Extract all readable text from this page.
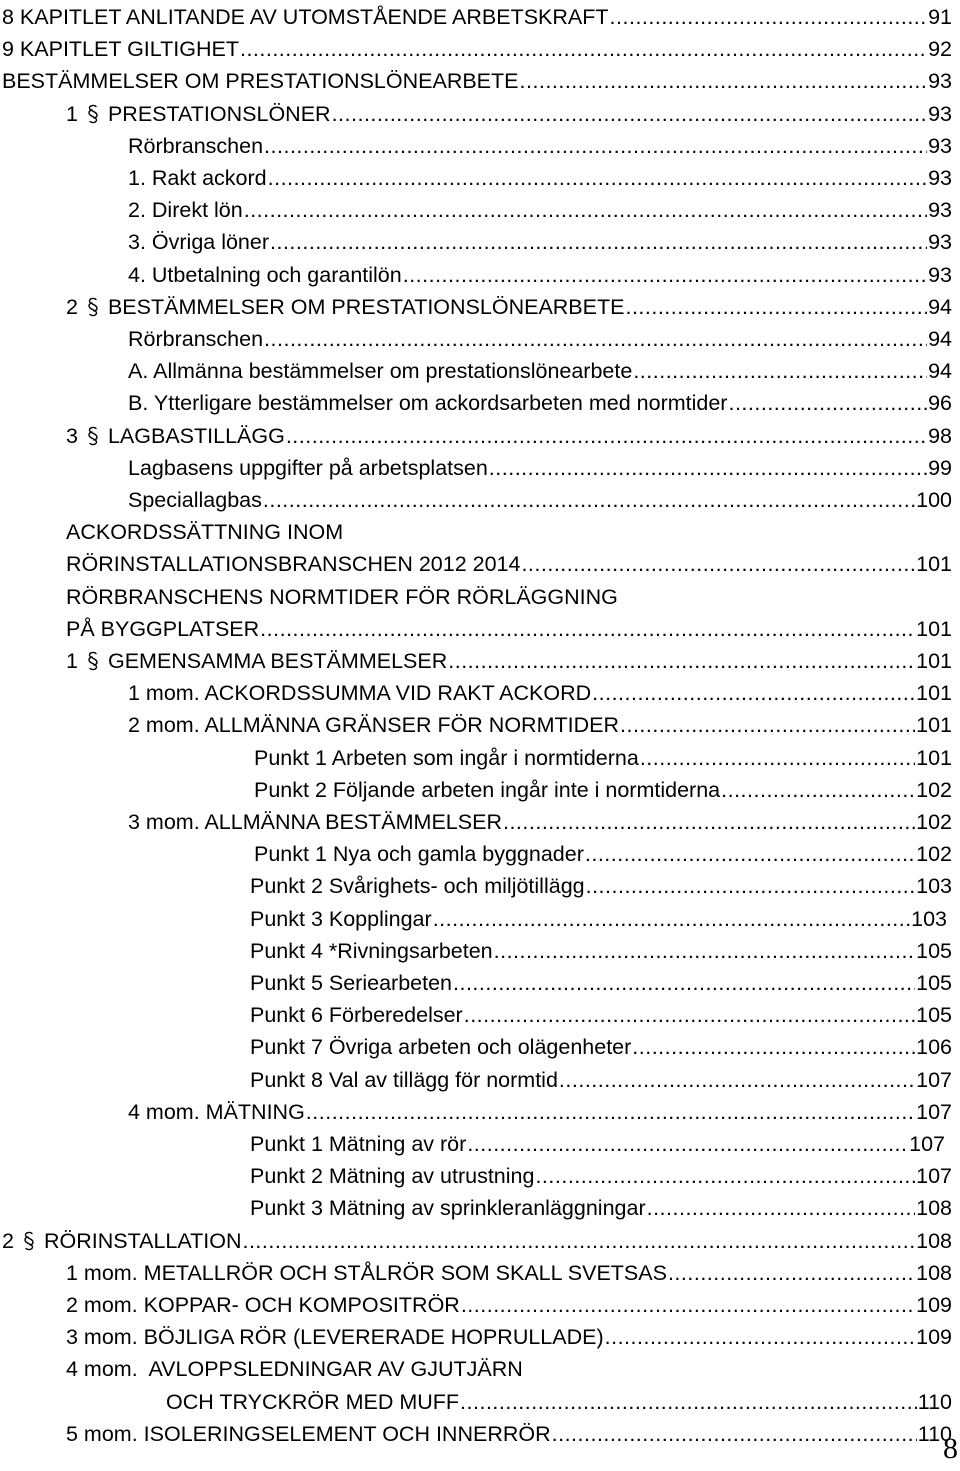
8 KAPITLET ANLITANDE AV UTOMSTÅENDE ARBETSKRAFT .....	91
9 KAPITLET GILTIGHET .....	92
BESTÄMMELSER OM PRESTATIONSLÖNEARBETE .....	93
1 PRESTATIONSLÖNER .....	93
Rörbranschen .....	93
1. Rakt ackord .....	93
2. Direkt lön .....	93
3. Övriga löner .....	93
4. Utbetalning och garantilön .....	93
2 BESTÄMMELSER OM PRESTATIONSLÖNEARBETE .....	94
Rörbranschen .....	94
A. Allmänna bestämmelser om prestationslönearbete .....	94
B. Ytterligare bestämmelser om ackordsarbeten med normtider .....	96
3 LAGBASTILLÄGG .....	98
Lagbasens uppgifter på arbetsplatsen .....	99
Speciallagbas .....	100
ACKORDSSÄTTNING INOM
RÖRINSTALLATIONSBRANSCHEN 2012 2014 .....	101
RÖRBRANSCHENS NORMTIDER FÖR RÖRLÄGGNING
PÅ BYGGPLATSER .....	101
1 GEMENSAMMA BESTÄMMELSER .....	101
1 mom. ACKORDSSUMMA VID RAKT ACKORD .....	101
2 mom. ALLMÄNNA GRÄNSER FÖR NORMTIDER .....	101
Punkt 1 Arbeten som ingår i normtiderna .....	101
Punkt 2 Följande arbeten ingår inte i normtiderna .....	102
3 mom. ALLMÄNNA BESTÄMMELSER .....	102
Punkt 1 Nya och gamla byggnader .....	102
Punkt 2 Svårighets- och miljötillägg .....	103
Punkt 3 Kopplingar .....	103
Punkt 4 *Rivningsarbeten .....	105
Punkt 5 Seriearbeten .....	105
Punkt 6 Förberedelser .....	105
Punkt 7 Övriga arbeten och olägenheter .....	106
Punkt 8 Val av tillägg för normtid .....	107
4 mom. MÄTNING .....	107
Punkt 1 Mätning av rör .....	107
Punkt 2 Mätning av utrustning .....	107
Punkt 3 Mätning av sprinkleranläggningar .....	108
2 RÖRINSTALLATION .....	108
1 mom. METALLRÖR OCH STÅLRÖR SOM SKALL SVETSAS .....	108
2 mom. KOPPAR- OCH KOMPOSITRÖR .....	109
3 mom. BÖJLIGA RÖR (LEVERERADE HOPRULLADE) .....	109
4 mom.  AVLOPPSLEDNINGAR AV GJUTJÄRN
OCH TRYCKRÖR MED MUFF .....	110
5 mom. ISOLERINGSELEMENT OCH INNERRÖR .....	110
8
